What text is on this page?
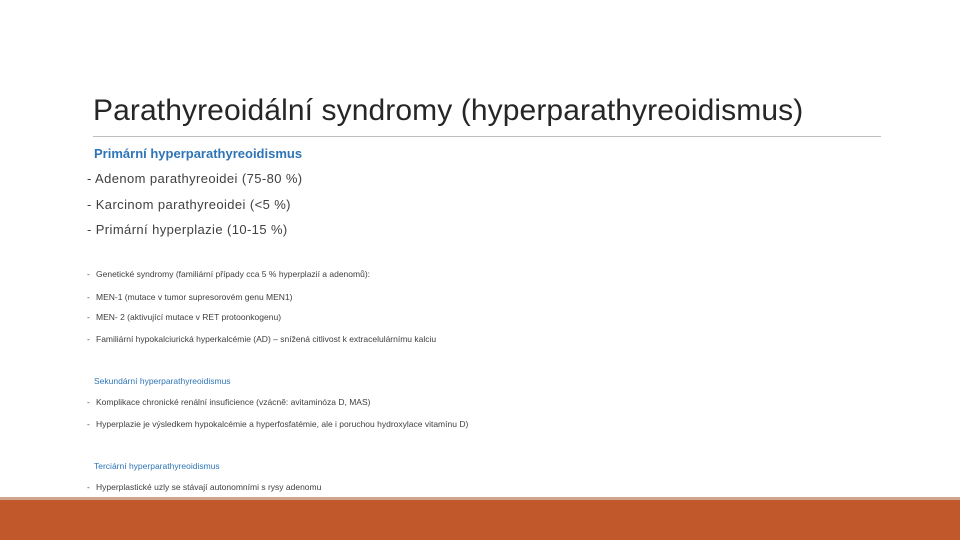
Parathyreoidální syndromy (hyperparathyreoidismus)
Primární hyperparathyreoidismus
- Adenom parathyreoidei (75-80 %)
- Karcinom parathyreoidei (<5 %)
- Primární hyperplazie (10-15 %)
- Genetické syndromy (familiární případy cca 5 % hyperplazií a adenomů):
- MEN-1 (mutace v tumor supresorovém genu MEN1)
- MEN- 2 (aktivující mutace v RET protoonkogenu)
- Familiární hypokalciurická hyperkalcémie (AD) – snížená citlivost k extracelulárnímu kalciu
Sekundární hyperparathyreoidismus
- Komplikace chronické renální insuficience (vzácně: avitaminóza D, MAS)
- Hyperplazie je výsledkem hypokalcémie a hyperfosfatémie, ale i poruchou hydroxylace vitamínu D)
Terciární hyperparathyreoidismus
- Hyperplastické uzly se stávají autonomními s rysy adenomu
